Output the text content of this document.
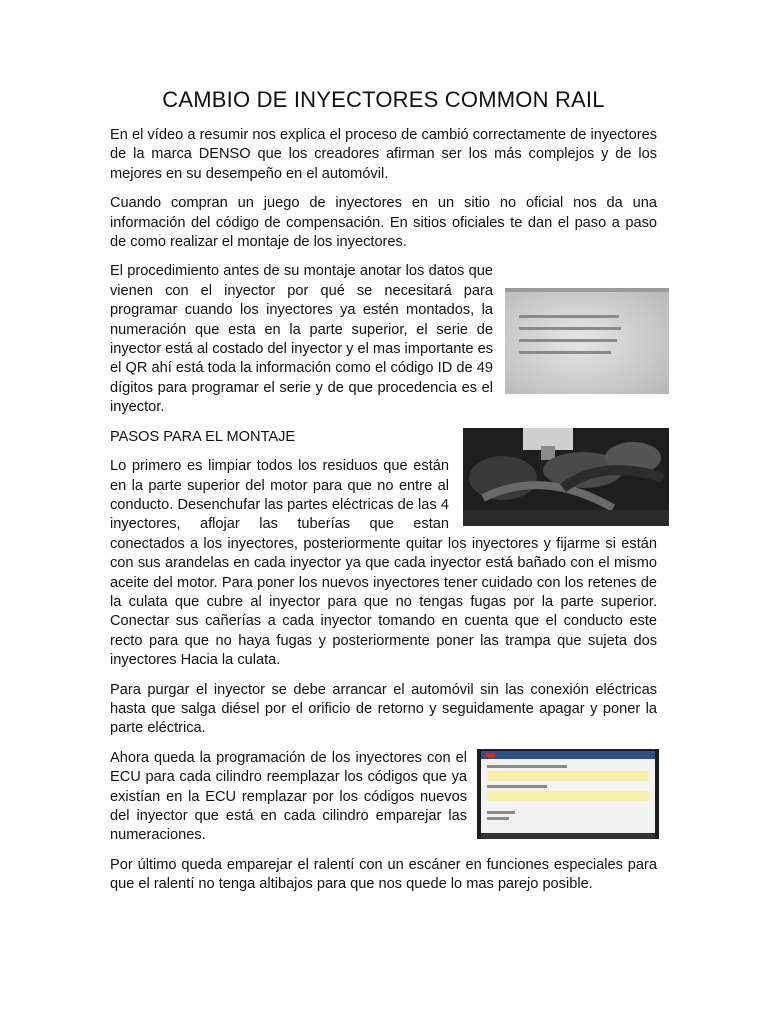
CAMBIO DE INYECTORES COMMON RAIL

En el vídeo a resumir nos explica el proceso de cambió correctamente de inyectores de la marca DENSO que los creadores afirman ser los más complejos y de los mejores en su desempeño en el automóvil.

Cuando compran un juego de inyectores en un sitio no oficial nos da una información del código de compensación. En sitios oficiales te dan el paso a paso de como realizar el montaje de los inyectores.

El procedimiento antes de su montaje anotar los datos que vienen con el inyector por qué se necesitará para programar cuando los inyectores ya estén montados, la numeración que esta en la parte superior, el serie de inyector está al costado del inyector y el mas importante es el QR ahí está toda la información como el código ID de 49 dígitos para programar el serie y de que procedencia es el inyector.

PASOS PARA EL MONTAJE

Lo primero es limpiar todos los residuos que están en la parte superior del motor para que no entre al conducto. Desenchufar las partes eléctricas de las 4 inyectores, aflojar las tuberías que estan conectados a los inyectores, posteriormente quitar los inyectores y fijarme si están con sus arandelas en cada inyector ya que cada inyector está bañado con el mismo aceite del motor. Para poner los nuevos inyectores tener cuidado con los retenes de la culata que cubre al inyector para que no tengas fugas por la parte superior. Conectar sus cañerías a cada inyector tomando en cuenta que el conducto este recto para que no haya fugas y posteriormente poner las trampa que sujeta dos inyectores Hacia la culata.

Para purgar el inyector se debe arrancar el automóvil sin las conexión eléctricas hasta que salga diésel por el orificio de retorno y seguidamente apagar y poner la parte eléctrica.

Ahora queda la programación de los inyectores con el ECU para cada cilindro reemplazar los códigos que ya existían en la ECU remplazar por los códigos nuevos del inyector que está en cada cilindro emparejar las numeraciones.

Por último queda emparejar el ralentí con un escáner en funciones especiales para que el ralentí no tenga altibajos para que nos quede lo mas parejo posible.
